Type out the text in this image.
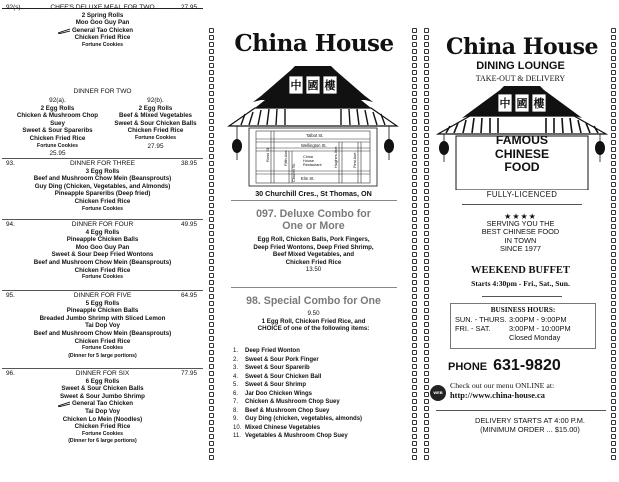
92(s).	27.95
CHEF'S DELUXE MEAL FOR TWO
2 Spring Rolls
Moo Goo Guy Pan
General Tao Chicken
Chicken Fried Rice
Fortune Cookies
DINNER FOR TWO
92(a).
2 Egg Rolls
Chicken & Mushroom Chop Suey
Sweet & Sour Spareribs
Chicken Fried Rice
Fortune Cookies
25.95
92(b).
2 Egg Rolls
Beef & Mixed Vegetables
Sweet & Sour Chicken Balls
Chicken Fried Rice
Fortune Cookies
27.95
93.	38.95
DINNER FOR THREE
3 Egg Rolls
Beef and Mushroom Chow Mein (Beansprouts)
Guy Ding (Chicken, Vegetables, and Almonds)
Pineapple Spareribs (Deep fried)
Chicken Fried Rice
Fortune Cookies
94.	49.95
DINNER FOR FOUR
4 Egg Rolls
Pineapple Chicken Balls
Moo Goo Guy Pan
Sweet & Sour Deep Fried Wontons
Beef and Mushroom Chow Mein (Beansprouts)
Chicken Fried Rice
Fortune Cookies
95.	64.95
DINNER FOR FIVE
5 Egg Rolls
Pineapple Chicken Balls
Breaded Jumbo Shrimp with Sliced Lemon
Tai Dop Voy
Beef and Mushroom Chow Mein (Beansprouts)
Chicken Fried Rice
Fortune Cookies
(Dinner for 5 large portions)
96.	77.95
DINNER FOR SIX
6 Egg Rolls
Sweet & Sour Chicken Balls
Sweet & Sour Jumbo Shrimp
General Tao Chicken
Tai Dop Voy
Chicken Lo Mein (Noodles)
Chicken Fried Rice
Fortune Cookies
(Dinner for 6 large portions)
China House
中 國 樓
Talbot St.
Wellington St.
Elm St.
China
House
Restaurant
Ross St.	Fifth Ave.
Church St.
Hughes Ave.	First Ave.
30 Churchill Cres., St Thomas, ON
097. Deluxe Combo for
One or More
Egg Roll, Chicken Balls, Pork Fingers,
Deep Fried Wontons, Deep Fried Shrimp,
Beef Mixed Vegetables, and
Chicken Fried Rice
13.50
98. Special Combo for One
9.50
1 Egg Roll, Chicken Fried Rice, and
CHOICE of one of the following items:
1.	Deep Fried Wonton
2.	Sweet & Sour Pork Finger
3.	Sweet & Sour Sparerib
4.	Sweet & Sour Chicken Ball
5.	Sweet & Sour Shrimp
6.	Jar Doo Chicken Wings
7.	Chicken & Mushroom Chop Suey
8.	Beef & Mushroom Chop Suey
9.	Guy Ding (chicken, vegetables, almonds)
10. Mixed Chinese Vegetables
11. Vegetables & Mushroom Chop Suey
China House
DINING LOUNGE
TAKE-OUT & DELIVERY
中 國 樓
FAMOUS
CHINESE
FOOD
FULLY-LICENCED
★★★★
SERVING YOU THE
BEST CHINESE FOOD
IN TOWN
SINCE 1977
WEEKEND BUFFET
Starts 4:30pm - Fri., Sat., Sun.
BUSINESS HOURS:
SUN. - THURS. 3:00PM - 9:00PM
FRI. - SAT.	3:00PM - 10:00PM
Closed Monday
PHONE 631-9820
WEB
Check out our menu ONLINE at:
http://www.china-house.ca
DELIVERY STARTS AT 4:00 P.M.
(MINIMUM ORDER ... $15.00)
